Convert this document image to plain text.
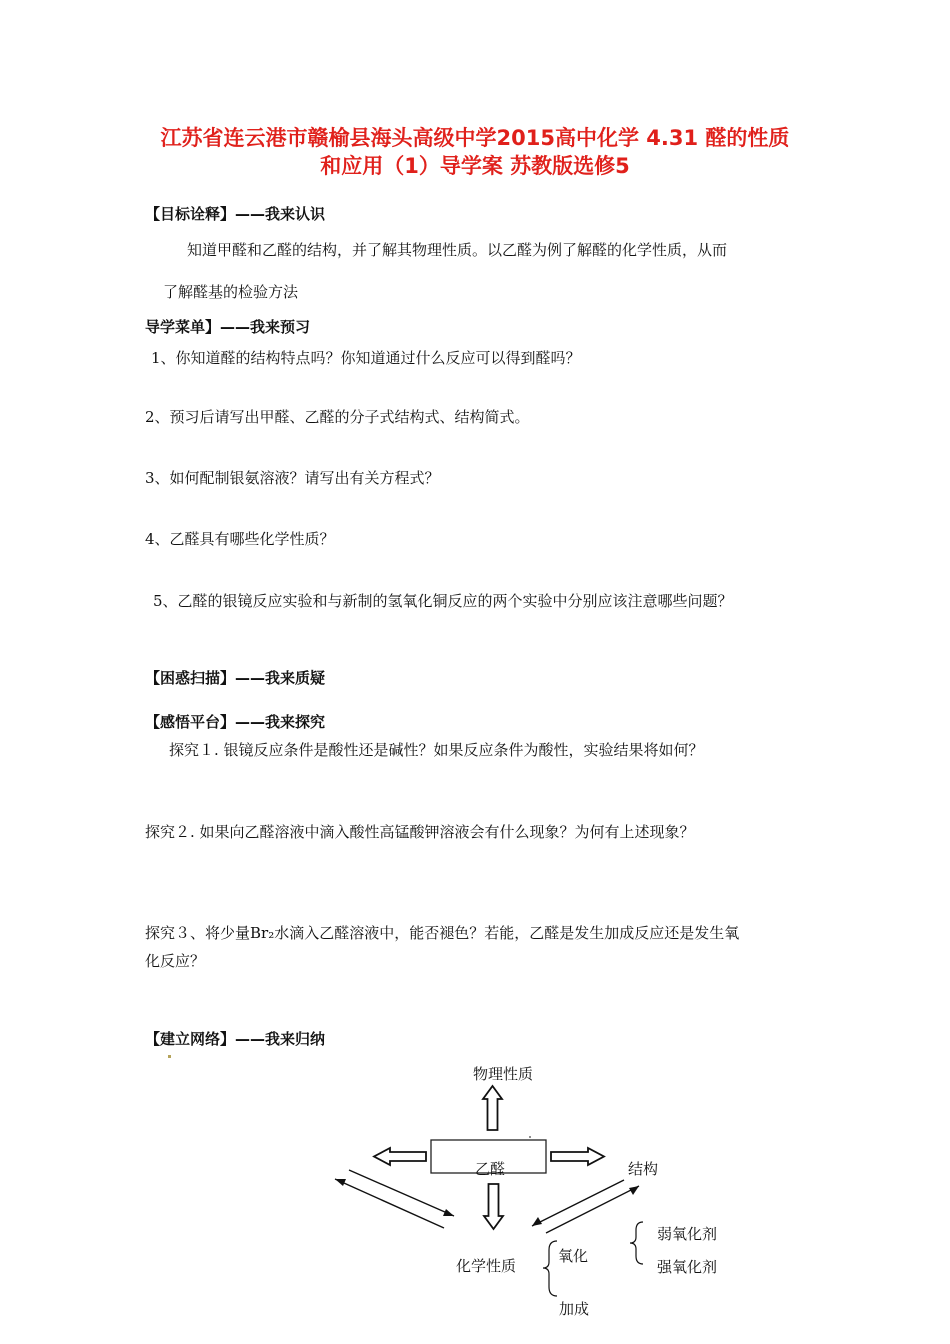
江苏省连云港市赣榆县海头高级中学2015高中化学 4.31 醛的性质
和应用（1）导学案 苏教版选修5
【目标诠释】——我来认识
知道甲醛和乙醛的结构，并了解其物理性质。以乙醛为例了解醛的化学性质，从而
了解醛基的检验方法
导学菜单】——我来预习
1、你知道醛的结构特点吗？你知道通过什么反应可以得到醛吗？
2、预习后请写出甲醛、乙醛的分子式结构式、结构简式。
3、如何配制银氨溶液？请写出有关方程式？
4、乙醛具有哪些化学性质？
5、乙醛的银镜反应实验和与新制的氢氧化铜反应的两个实验中分别应该注意哪些问题？
【困惑扫描】——我来质疑
【感悟平台】——我来探究
探究１. 银镜反应条件是酸性还是碱性？如果反应条件为酸性，实验结果将如何？
探究２. 如果向乙醛溶液中滴入酸性高锰酸钾溶液会有什么现象？为何有上述现象？
探究３、将少量Br₂水滴入乙醛溶液中，能否褪色？若能，乙醛是发生加成反应还是发生氧
化反应？
【建立网络】——我来归纳
物理性质
乙醛	结构
化学性质
氧化
加成
弱氧化剂
强氧化剂
